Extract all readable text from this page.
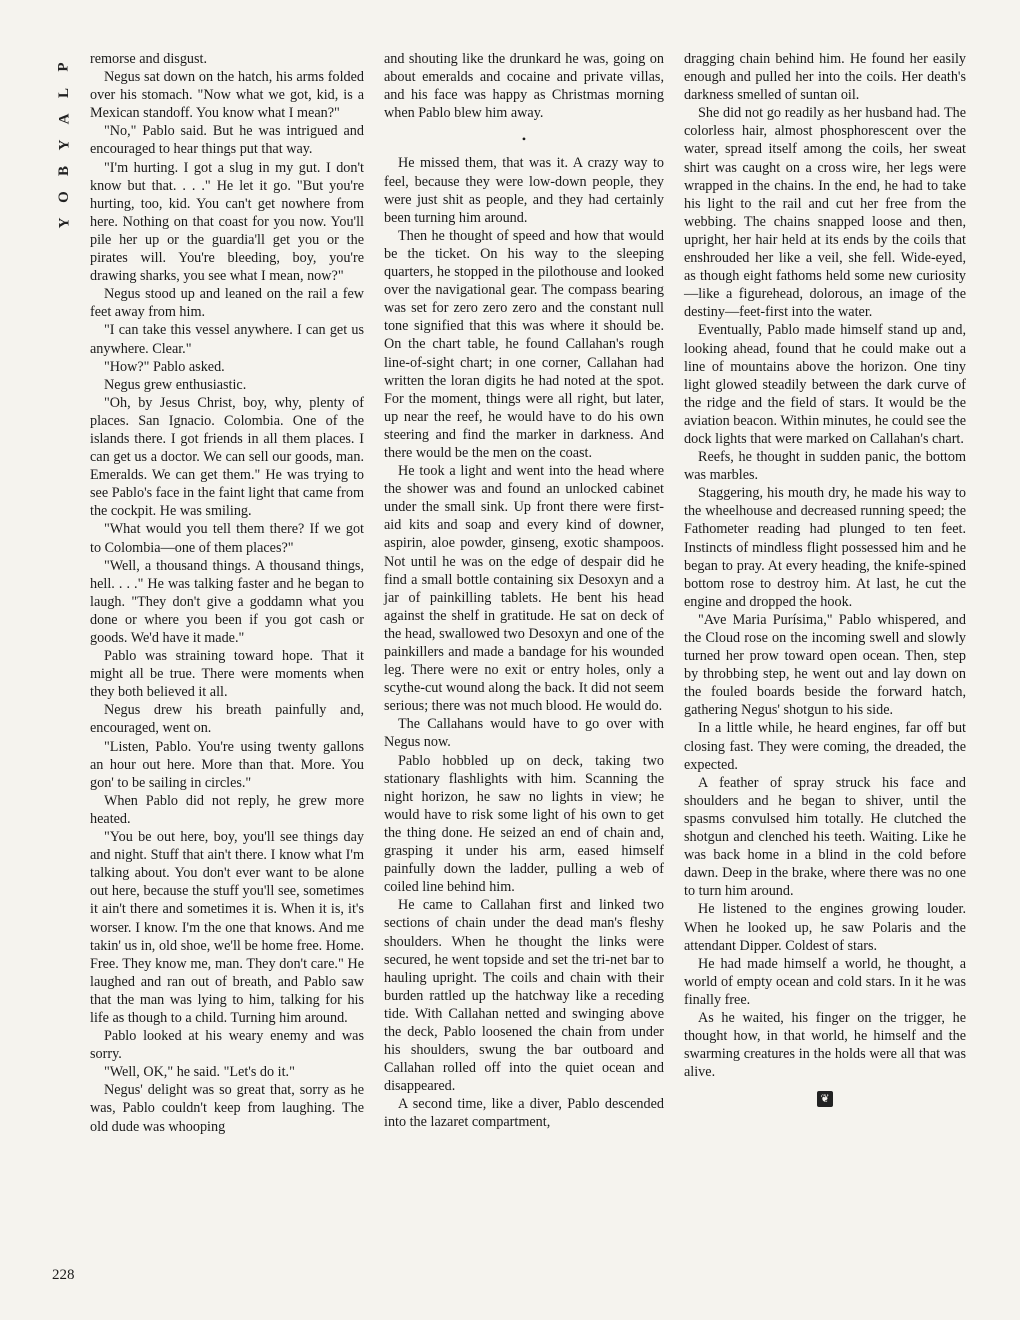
P
L
A
Y
B
O
Y

remorse and disgust.

Negus sat down on the hatch, his arms folded over his stomach. "Now what we got, kid, is a Mexican standoff. You know what I mean?"

"No," Pablo said. But he was intrigued and encouraged to hear things put that way.

"I'm hurting. I got a slug in my gut. I don't know but that. . . ." He let it go. "But you're hurting, too, kid. You can't get nowhere from here. Nothing on that coast for you now. You'll pile her up or the guardia'll get you or the pirates will. You're bleeding, boy, you're drawing sharks, you see what I mean, now?"

Negus stood up and leaned on the rail a few feet away from him.

"I can take this vessel anywhere. I can get us anywhere. Clear."

"How?" Pablo asked.

Negus grew enthusiastic.

"Oh, by Jesus Christ, boy, why, plenty of places. San Ignacio. Colombia. One of the islands there. I got friends in all them places. I can get us a doctor. We can sell our goods, man. Emeralds. We can get them." He was trying to see Pablo's face in the faint light that came from the cockpit. He was smiling.

"What would you tell them there? If we got to Colombia—one of them places?"

"Well, a thousand things. A thousand things, hell. . . ." He was talking faster and he began to laugh. "They don't give a goddamn what you done or where you been if you got cash or goods. We'd have it made."

Pablo was straining toward hope. That it might all be true. There were moments when they both believed it all.

Negus drew his breath painfully and, encouraged, went on.

"Listen, Pablo. You're using twenty gallons an hour out here. More than that. More. You gon' to be sailing in circles."

When Pablo did not reply, he grew more heated.

"You be out here, boy, you'll see things day and night. Stuff that ain't there. I know what I'm talking about. You don't ever want to be alone out here, because the stuff you'll see, sometimes it ain't there and sometimes it is. When it is, it's worser. I know. I'm the one that knows. And me takin' us in, old shoe, we'll be home free. Home. Free. They know me, man. They don't care." He laughed and ran out of breath, and Pablo saw that the man was lying to him, talking for his life as though to a child. Turning him around.

Pablo looked at his weary enemy and was sorry.

"Well, OK," he said. "Let's do it."

Negus' delight was so great that, sorry as he was, Pablo couldn't keep from laughing. The old dude was whooping

and shouting like the drunkard he was, going on about emeralds and cocaine and private villas, and his face was happy as Christmas morning when Pablo blew him away.

•

He missed them, that was it. A crazy way to feel, because they were low-down people, they were just shit as people, and they had certainly been turning him around.

Then he thought of speed and how that would be the ticket. On his way to the sleeping quarters, he stopped in the pilothouse and looked over the navigational gear. The compass bearing was set for zero zero zero and the constant null tone signified that this was where it should be. On the chart table, he found Callahan's rough line-of-sight chart; in one corner, Callahan had written the loran digits he had noted at the spot. For the moment, things were all right, but later, up near the reef, he would have to do his own steering and find the marker in darkness. And there would be the men on the coast.

He took a light and went into the head where the shower was and found an unlocked cabinet under the small sink. Up front there were first-aid kits and soap and every kind of downer, aspirin, aloe powder, ginseng, exotic shampoos. Not until he was on the edge of despair did he find a small bottle containing six Desoxyn and a jar of painkilling tablets. He bent his head against the shelf in gratitude. He sat on deck of the head, swallowed two Desoxyn and one of the painkillers and made a bandage for his wounded leg. There were no exit or entry holes, only a scythe-cut wound along the back. It did not seem serious; there was not much blood. He would do.

The Callahans would have to go over with Negus now.

Pablo hobbled up on deck, taking two stationary flashlights with him. Scanning the night horizon, he saw no lights in view; he would have to risk some light of his own to get the thing done. He seized an end of chain and, grasping it under his arm, eased himself painfully down the ladder, pulling a web of coiled line behind him.

He came to Callahan first and linked two sections of chain under the dead man's fleshy shoulders. When he thought the links were secured, he went topside and set the tri-net bar to hauling upright. The coils and chain with their burden rattled up the hatchway like a receding tide. With Callahan netted and swinging above the deck, Pablo loosened the chain from under his shoulders, swung the bar outboard and Callahan rolled off into the quiet ocean and disappeared.

A second time, like a diver, Pablo descended into the lazaret compartment,

dragging chain behind him. He found her easily enough and pulled her into the coils. Her death's darkness smelled of suntan oil.

She did not go readily as her husband had. The colorless hair, almost phosphorescent over the water, spread itself among the coils, her sweat shirt was caught on a cross wire, her legs were wrapped in the chains. In the end, he had to take his light to the rail and cut her free from the webbing. The chains snapped loose and then, upright, her hair held at its ends by the coils that enshrouded her like a veil, she fell. Wide-eyed, as though eight fathoms held some new curiosity—like a figurehead, dolorous, an image of the destiny—feet-first into the water.

Eventually, Pablo made himself stand up and, looking ahead, found that he could make out a line of mountains above the horizon. One tiny light glowed steadily between the dark curve of the ridge and the field of stars. It would be the aviation beacon. Within minutes, he could see the dock lights that were marked on Callahan's chart.

Reefs, he thought in sudden panic, the bottom was marbles.

Staggering, his mouth dry, he made his way to the wheelhouse and decreased running speed; the Fathometer reading had plunged to ten feet. Instincts of mindless flight possessed him and he began to pray. At every heading, the knife-spined bottom rose to destroy him. At last, he cut the engine and dropped the hook.

"Ave Maria Purísima," Pablo whispered, and the Cloud rose on the incoming swell and slowly turned her prow toward open ocean. Then, step by throbbing step, he went out and lay down on the fouled boards beside the forward hatch, gathering Negus' shotgun to his side.

In a little while, he heard engines, far off but closing fast. They were coming, the dreaded, the expected.

A feather of spray struck his face and shoulders and he began to shiver, until the spasms convulsed him totally. He clutched the shotgun and clenched his teeth. Waiting. Like he was back home in a blind in the cold before dawn. Deep in the brake, where there was no one to turn him around.

He listened to the engines growing louder. When he looked up, he saw Polaris and the attendant Dipper. Coldest of stars.

He had made himself a world, he thought, a world of empty ocean and cold stars. In it he was finally free.

As he waited, his finger on the trigger, he thought how, in that world, he himself and the swarming creatures in the holds were all that was alive.

❦
228
